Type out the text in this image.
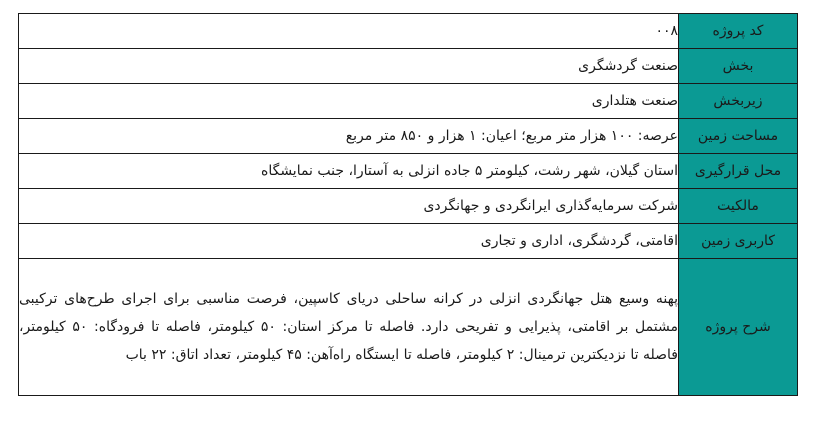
کد پروژه	۰۰۸
بخش	صنعت گردشگری
زیربخش	صنعت هتلداری
مساحت زمین	عرصه: ۱۰۰ هزار متر مربع؛ اعیان: ۱ هزار و ۸۵۰ متر مربع
محل قرارگیری	استان گیلان، شهر رشت، کیلومتر ۵ جاده انزلی به آستارا، جنب نمایشگاه
مالکیت	شرکت سرمایه‌گذاری ایرانگردی و جهانگردی
کاربری زمین	اقامتی، گردشگری، اداری و تجاری
شرح پروژه	پهنه وسیع هتل جهانگردی انزلی در کرانه ساحلی دریای کاسپین، فرصت مناسبی برای اجرای طرح‌های ترکیبی مشتمل بر اقامتی، پذیرایی و تفریحی دارد. فاصله تا مرکز استان: ۵۰ کیلومتر، فاصله تا فرودگاه: ۵۰ کیلومتر، فاصله تا نزدیکترین ترمینال: ۲ کیلومتر، فاصله تا ایستگاه راه‌آهن: ۴۵ کیلومتر، تعداد اتاق: ۲۲ باب
